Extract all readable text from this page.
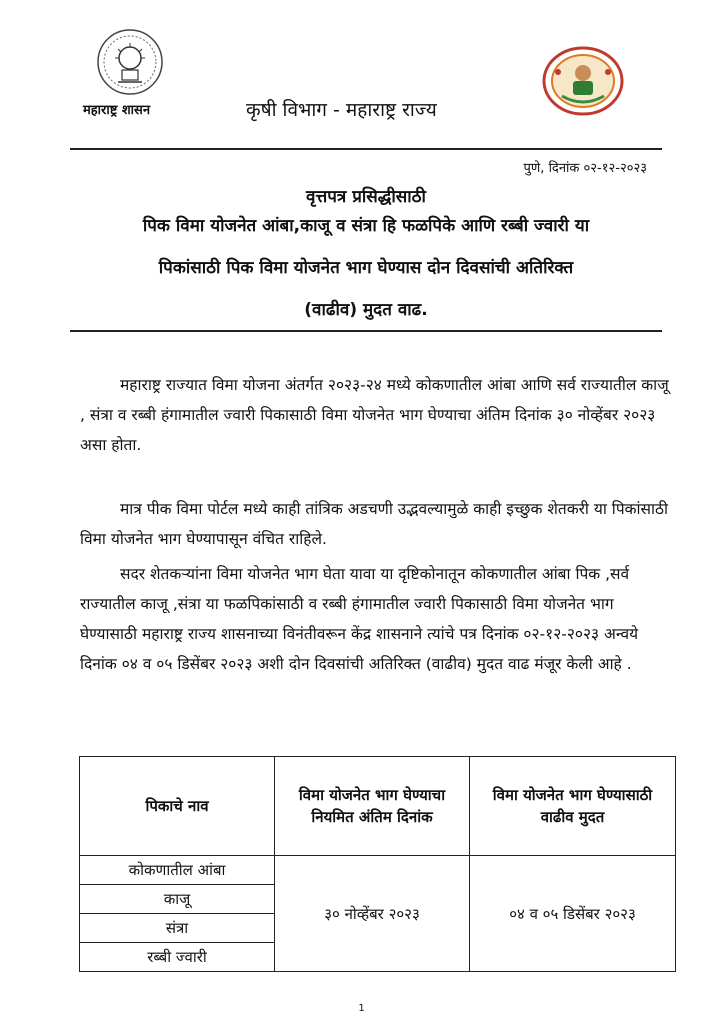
महाराष्ट्र शासन	कृषी विभाग - महाराष्ट्र राज्य
पुणे, दिनांक ०२-१२-२०२३
वृत्तपत्र प्रसिद्धीसाठी
पिक विमा योजनेत आंबा,काजू व संत्रा हि फळपिके आणि रब्बी ज्वारी या
पिकांसाठी पिक विमा योजनेत भाग घेण्यास दोन दिवसांची अतिरिक्त
(वाढीव) मुदत वाढ.
महाराष्ट्र राज्यात विमा योजना अंतर्गत २०२३-२४ मध्ये कोकणातील आंबा आणि सर्व राज्यातील काजू , संत्रा व रब्बी हंगामातील ज्वारी पिकासाठी विमा योजनेत भाग घेण्याचा अंतिम दिनांक ३० नोव्हेंबर २०२३ असा होता.
मात्र पीक विमा पोर्टल मध्ये काही तांत्रिक अडचणी उद्भवल्यामुळे काही इच्छुक शेतकरी या पिकांसाठी विमा योजनेत भाग घेण्यापासून वंचित राहिले.
सदर शेतकऱ्यांना विमा योजनेत भाग घेता यावा या दृष्टिकोनातून कोकणातील आंबा पिक ,सर्व राज्यातील काजू ,संत्रा या फळपिकांसाठी व रब्बी हंगामातील ज्वारी पिकासाठी विमा योजनेत भाग घेण्यासाठी महाराष्ट्र राज्य शासनाच्या विनंतीवरून केंद्र शासनाने त्यांचे पत्र दिनांक ०२-१२-२०२३ अन्वये दिनांक ०४ व ०५ डिसेंबर २०२३ अशी दोन दिवसांची अतिरिक्त (वाढीव) मुदत वाढ मंजूर केली आहे .
पिकाचे नाव	विमा योजनेत भाग घेण्याचा नियमित अंतिम दिनांक	विमा योजनेत भाग घेण्यासाठी वाढीव मुदत
कोकणातील आंबा	३० नोव्हेंबर २०२३	०४ व ०५ डिसेंबर २०२३
काजू		
संत्रा		
रब्बी ज्वारी		
1
